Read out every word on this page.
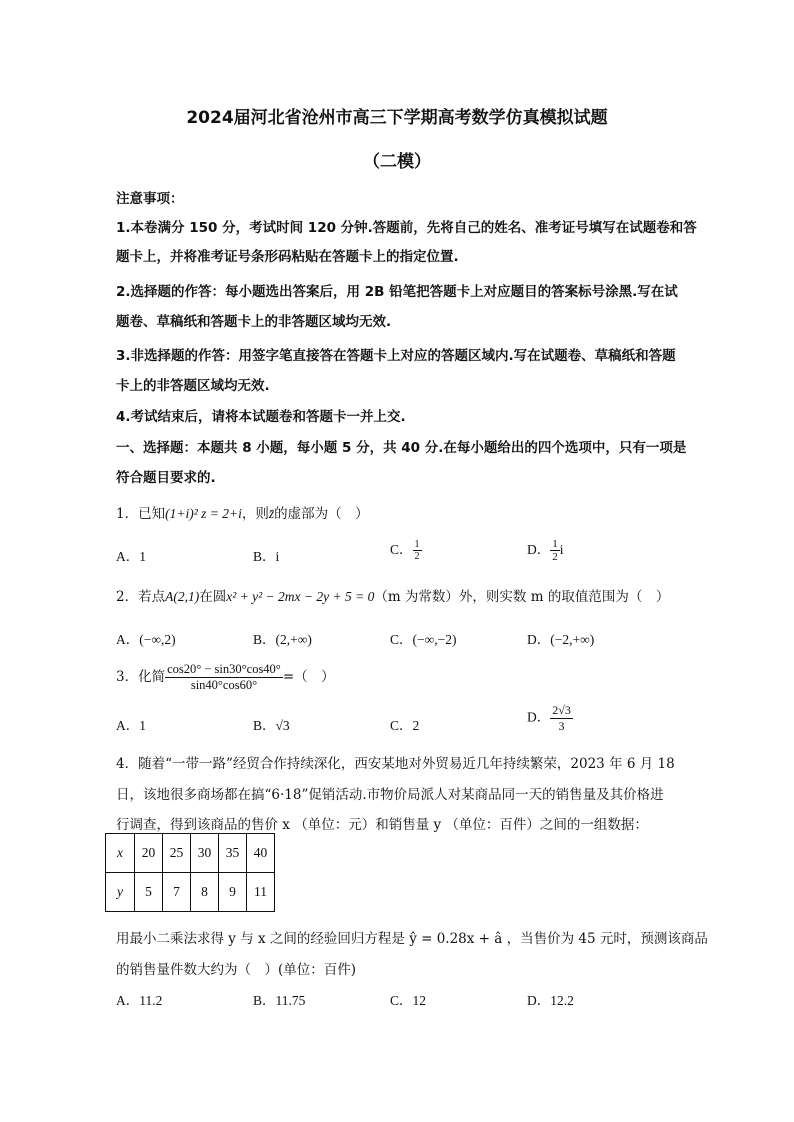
2024届河北省沧州市高三下学期高考数学仿真模拟试题
（二模）
注意事项：
1.本卷满分 150 分，考试时间 120 分钟.答题前，先将自己的姓名、准考证号填写在试题卷和答
题卡上，并将准考证号条形码粘贴在答题卡上的指定位置.
2.选择题的作答：每小题选出答案后，用 2B 铅笔把答题卡上对应题目的答案标号涂黑.写在试
题卷、草稿纸和答题卡上的非答题区域均无效.
3.非选择题的作答：用签字笔直接答在答题卡上对应的答题区域内.写在试题卷、草稿纸和答题
卡上的非答题区域均无效.
4.考试结束后，请将本试题卷和答题卡一并上交.
一、选择题：本题共 8 小题，每小题 5 分，共 40 分.在每小题给出的四个选项中，只有一项是
符合题目要求的.
1．已知(1+i)² z = 2+i，则z̄的虚部为（　）
A．1	B．i	C． $\frac{1}{2}$	D． $\frac{1}{2}$ i
2．若点A(2,1)在圆x² + y² − 2mx − 2y + 5 = 0（m 为常数）外，则实数 m 的取值范围为（　）
A．(−∞,2)	B．(2,+∞)	C．(−∞,−2)	D．(−2,+∞)
3．化简 $\frac{\cos 20^\circ - \sin 30^\circ\cos 40^\circ}{\sin 40^\circ\cos 60^\circ}$ =（　）
A．1	B．√3	C．2
D． $\frac{2√3}{3}$
4．随着“一带一路”经贸合作持续深化，西安某地对外贸易近几年持续繁荣，2023 年 6 月 18
日，该地很多商场都在搞“6·18”促销活动.市物价局派人对某商品同一天的销售量及其价格进
行调查，得到该商品的售价 x （单位：元）和销售量 y （单位：百件）之间的一组数据：
x	20	25	30	35	40
y	5	7	8	9	11
用最小二乘法求得 y 与 x 之间的经验回归方程是 ŷ = 0.28x + â ，当售价为 45 元时，预测该商品
的销售量件数大约为（　）(单位：百件)
A．11.2	B．11.75	C．12	D．12.2
